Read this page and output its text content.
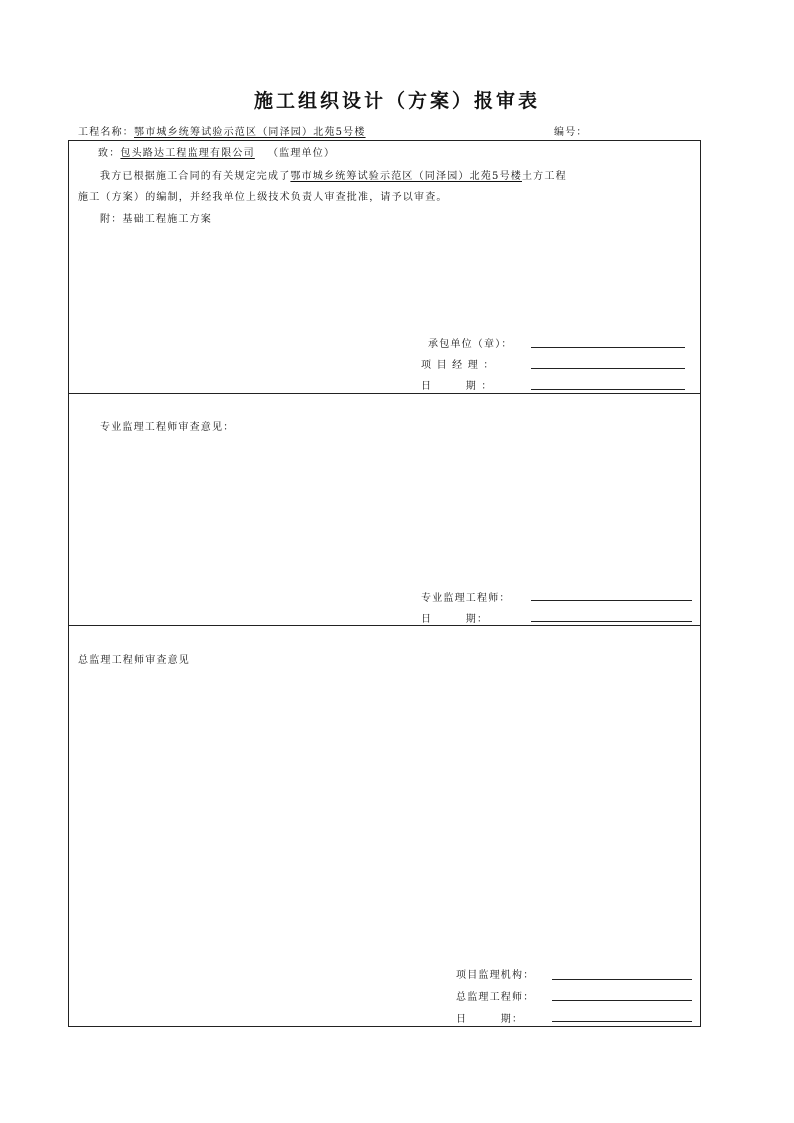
施工组织设计（方案）报审表
工程名称：鄂市城乡统筹试验示范区（同泽园）北苑5号楼	编号：
致：包头路达工程监理有限公司 （监理单位）
我方已根据施工合同的有关规定完成了鄂市城乡统筹试验示范区（同泽园）北苑5号楼土方工程
施工（方案）的编制，并经我单位上级技术负责人审查批准，请予以审查。
附：基础工程施工方案
承包单位（章）：
项 目 经 理 ：
日　　　期 ：
专业监理工程师审查意见：
专业监理工程师：
日　　　期：
总监理工程师审查意见
项目监理机构：
总监理工程师：
日　　　期：
